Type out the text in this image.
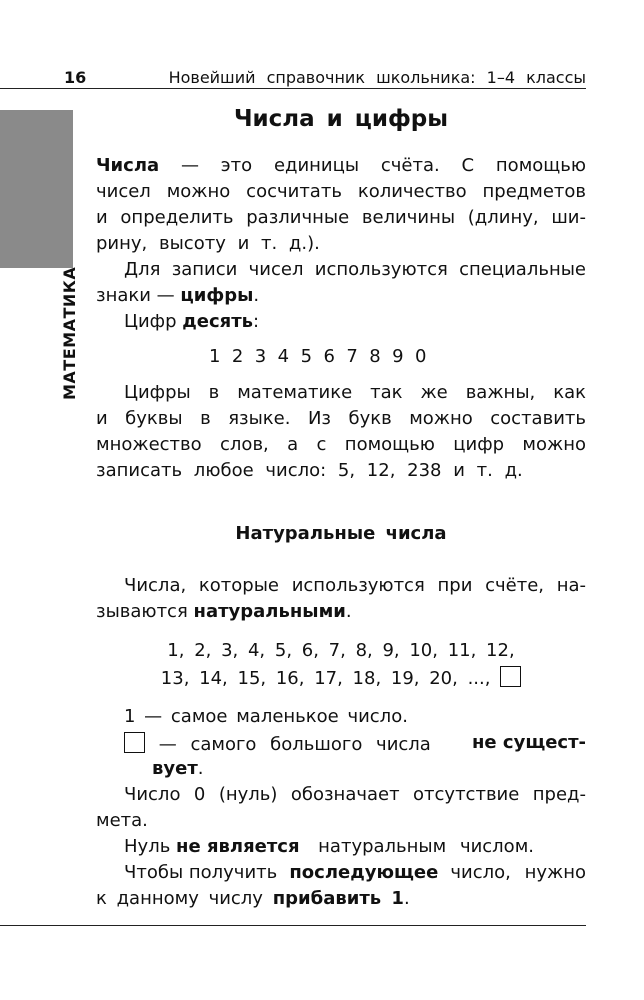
16	Новейший справочник школьника: 1–4 классы
МАТЕМАТИКА
Числа и цифры
Числа — это единицы счёта. С помощью
чисел можно сосчитать количество предметов
и определить различные величины (длину, ши-
рину, высоту и т. д.).
Для записи чисел используются специальные
знаки — цифры.
Цифр десять:
1  2  3  4  5  6  7  8  9  0
Цифры в математике так же важны, как
и буквы в языке. Из букв можно составить
множество слов, а с помощью цифр можно
записать любое число: 5, 12, 238 и т. д.
Натуральные числа
Числа, которые используются при счёте, на-
зываются натуральными.
1, 2, 3, 4, 5, 6, 7, 8, 9, 10, 11, 12,
13, 14, 15, 16, 17, 18, 19, 20, ...,
1 — самое маленькое число.
— самого большого числа не сущест-
вует.
Число 0 (нуль) обозначает отсутствие пред-
мета.
Нуль не является натуральным числом.
Чтобы получить последующее число, нужно
к данному числу прибавить 1.
